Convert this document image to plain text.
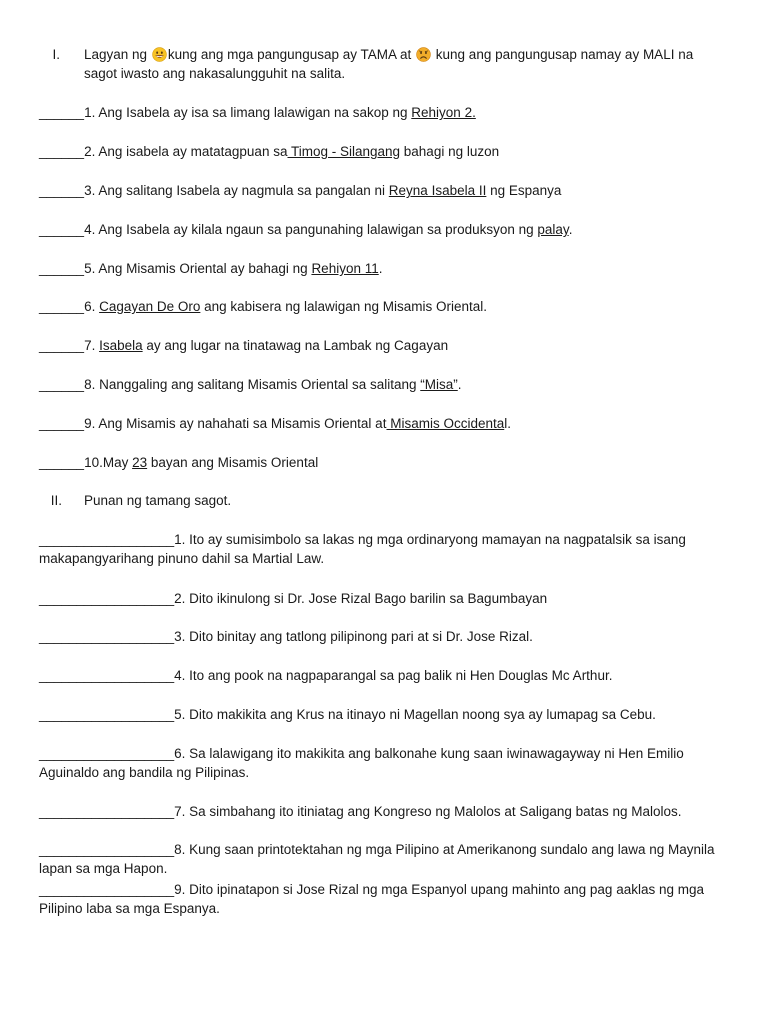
I. Lagyan ng kung ang mga pangungusap ay TAMA at kung ang pangungusap namay ay MALI na
sagot iwasto ang nakasalungguhit na salita.
______1. Ang Isabela ay isa sa limang lalawigan na sakop ng Rehiyon 2.
______2. Ang isabela ay matatagpuan sa Timog - Silangang bahagi ng luzon
______3. Ang salitang Isabela ay nagmula sa pangalan ni Reyna Isabela II ng Espanya
______4. Ang Isabela ay kilala ngaun sa pangunahing lalawigan sa produksyon ng palay.
______5. Ang Misamis Oriental ay bahagi ng Rehiyon 11.
______6. Cagayan De Oro ang kabisera ng lalawigan ng Misamis Oriental.
______7. Isabela ay ang lugar na tinatawag na Lambak ng Cagayan
______8. Nanggaling ang salitang Misamis Oriental sa salitang “Misa”.
______9. Ang Misamis ay nahahati sa Misamis Oriental at Misamis Occidental.
______10.May 23 bayan ang Misamis Oriental
II. Punan ng tamang sagot.
__________________1. Ito ay sumisimbolo sa lakas ng mga ordinaryong mamayan na nagpatalsik sa isang makapangyarihang pinuno dahil sa Martial Law.
__________________2. Dito ikinulong si Dr. Jose Rizal Bago barilin sa Bagumbayan
__________________3. Dito binitay ang tatlong pilipinong pari at si Dr. Jose Rizal.
__________________4. Ito ang pook na nagpaparangal sa pag balik ni Hen Douglas Mc Arthur.
__________________5. Dito makikita ang Krus na itinayo ni Magellan noong sya ay lumapag sa Cebu.
__________________6. Sa lalawigang ito makikita ang balkonahe kung saan iwinawagayway ni Hen Emilio Aguinaldo ang bandila ng Pilipinas.
__________________7. Sa simbahang ito itiniatag ang Kongreso ng Malolos at Saligang batas ng Malolos.
__________________8. Kung saan printotektahan ng mga Pilipino at Amerikanong sundalo ang lawa ng Maynila lapan sa mga Hapon.
__________________9. Dito ipinatapon si Jose Rizal ng mga Espanyol upang mahinto ang pag aaklas ng mga Pilipino laba sa mga Espanya.
